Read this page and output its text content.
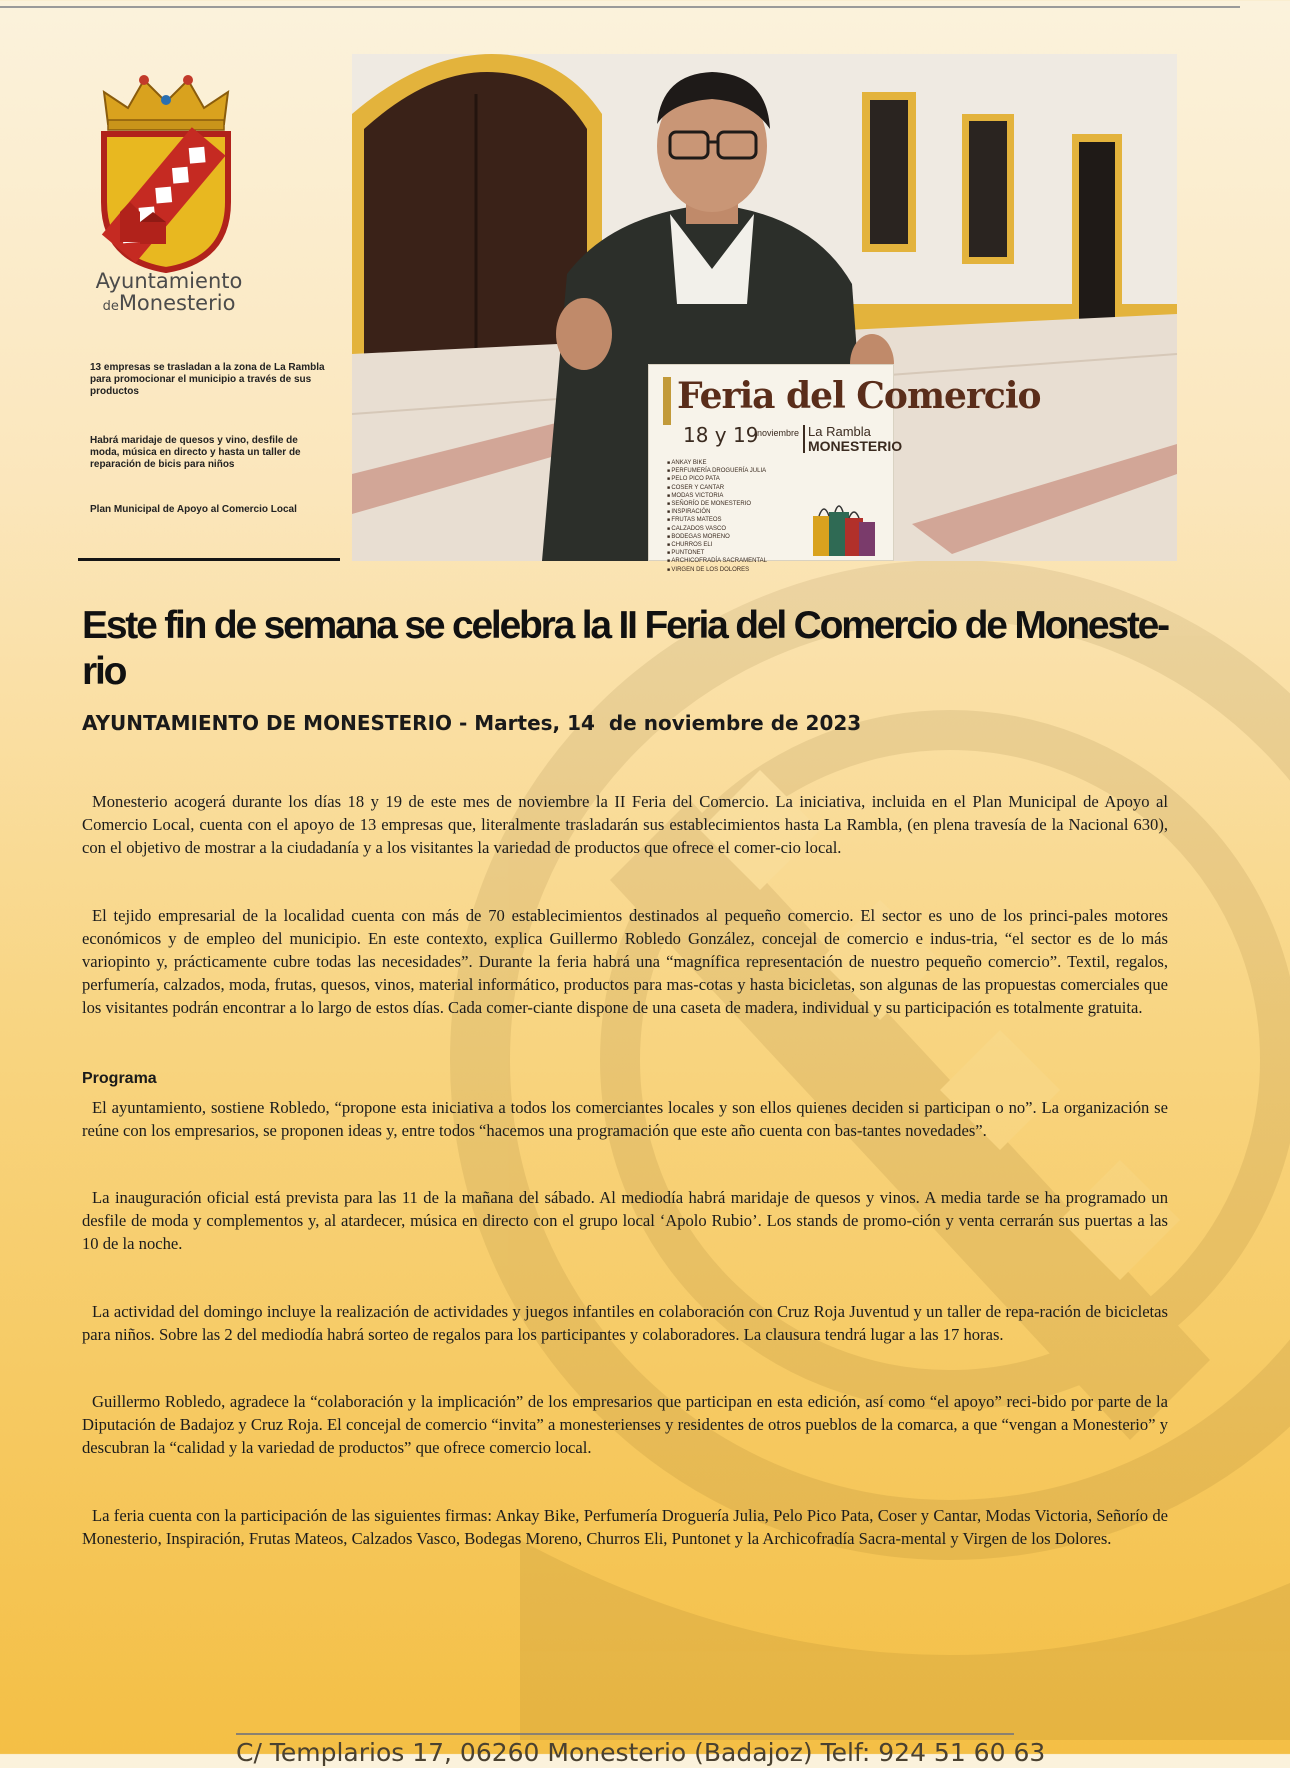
Ayuntamiento
deMonesterio

13 empresas se trasladan a la zona de La Rambla para promocionar el municipio a través de sus productos

Habrá maridaje de quesos y vino, desfile de moda, música en directo y hasta un taller de reparación de bicis para niños

Plan Municipal de Apoyo al Comercio Local

Feria del Comercio
18 y 19
noviembre La Rambla
MONESTERIO
■ ANKAY BIKE
■ PERFUMERÍA DROGUERÍA JULIA
■ PELO PICO PATA
■ COSER Y CANTAR
■ MODAS VICTORIA
■ SEÑORÍO DE MONESTERIO
■ INSPIRACIÓN
■ FRUTAS MATEOS
■ CALZADOS VASCO
■ BODEGAS MORENO
■ CHURROS ELI
■ PUNTONET
■ ARCHICOFRADÍA SACRAMENTAL
■ VIRGEN DE LOS DOLORES
Este fin de semana se celebra la II Feria del Comercio de Moneste-rio
AYUNTAMIENTO DE MONESTERIO - Martes, 14  de noviembre de 2023

Monesterio acogerá durante los días 18 y 19 de este mes de noviembre la II Feria del Comercio. La iniciativa, incluida en el Plan Municipal de Apoyo al Comercio Local, cuenta con el apoyo de 13 empresas que, literalmente trasladarán sus establecimientos hasta La Rambla, (en plena travesía de la Nacional 630), con el objetivo de mostrar a la ciudadanía y a los visitantes la variedad de productos que ofrece el comer-cio local.

El tejido empresarial de la localidad cuenta con más de 70 establecimientos destinados al pequeño comercio. El sector es uno de los princi-pales motores económicos y de empleo del municipio. En este contexto, explica Guillermo Robledo González, concejal de comercio e indus-tria, “el sector es de lo más variopinto y, prácticamente cubre todas las necesidades”. Durante la feria habrá una “magnífica representación de nuestro pequeño comercio”. Textil, regalos, perfumería, calzados, moda, frutas, quesos, vinos, material informático, productos para mas-cotas y hasta bicicletas, son algunas de las propuestas comerciales que los visitantes podrán encontrar a lo largo de estos días. Cada comer-ciante dispone de una caseta de madera, individual y su participación es totalmente gratuita.

Programa

El ayuntamiento, sostiene Robledo, “propone esta iniciativa a todos los comerciantes locales y son ellos quienes deciden si participan o no”. La organización se reúne con los empresarios, se proponen ideas y, entre todos “hacemos una programación que este año cuenta con bas-tantes novedades”.

La inauguración oficial está prevista para las 11 de la mañana del sábado. Al mediodía habrá maridaje de quesos y vinos. A media tarde se ha programado un desfile de moda y complementos y, al atardecer, música en directo con el grupo local ‘Apolo Rubio’. Los stands de promo-ción y venta cerrarán sus puertas a las 10 de la noche.

La actividad del domingo incluye la realización de actividades y juegos infantiles en colaboración con Cruz Roja Juventud y un taller de repa-ración de bicicletas para niños. Sobre las 2 del mediodía habrá sorteo de regalos para los participantes y colaboradores. La clausura tendrá lugar a las 17 horas.

Guillermo Robledo, agradece la “colaboración y la implicación” de los empresarios que participan en esta edición, así como “el apoyo” reci-bido por parte de la Diputación de Badajoz y Cruz Roja. El concejal de comercio “invita” a monesterienses y residentes de otros pueblos de la comarca, a que “vengan a Monesterio” y descubran la “calidad y la variedad de productos” que ofrece comercio local.

La feria cuenta con la participación de las siguientes firmas: Ankay Bike, Perfumería Droguería Julia, Pelo Pico Pata, Coser y Cantar, Modas Victoria, Señorío de Monesterio, Inspiración, Frutas Mateos, Calzados Vasco, Bodegas Moreno, Churros Eli, Puntonet y la Archicofradía Sacra-mental y Virgen de los Dolores.

C/ Templarios 17, 06260 Monesterio (Badajoz) Telf: 924 51 60 63
